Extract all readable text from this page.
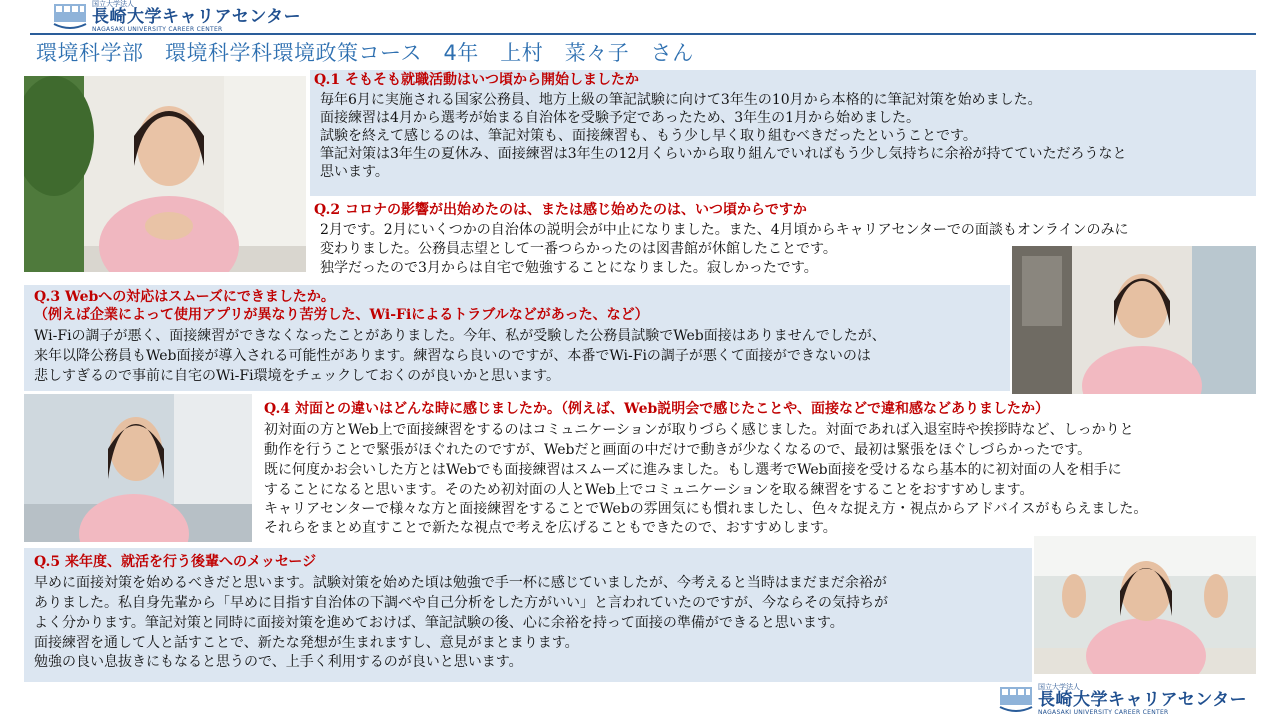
国立大学法人
長崎大学キャリアセンター
NAGASAKI UNIVERSITY CAREER CENTER
環境科学部　環境科学科環境政策コース　4年　上村　菜々子　さん
Q.1 そもそも就職活動はいつ頃から開始しましたか
毎年6月に実施される国家公務員、地方上級の筆記試験に向けて3年生の10月から本格的に筆記対策を始めました。
面接練習は4月から選考が始まる自治体を受験予定であったため、3年生の1月から始めました。
試験を終えて感じるのは、筆記対策も、面接練習も、もう少し早く取り組むべきだったということです。
筆記対策は3年生の夏休み、面接練習は3年生の12月くらいから取り組んでいればもう少し気持ちに余裕が持てていただろうなと
思います。
Q.2 コロナの影響が出始めたのは、または感じ始めたのは、いつ頃からですか
2月です。2月にいくつかの自治体の説明会が中止になりました。また、4月頃からキャリアセンターでの面談もオンラインのみに
変わりました。公務員志望として一番つらかったのは図書館が休館したことです。
独学だったので3月からは自宅で勉強することになりました。寂しかったです。
Q.3 Webへの対応はスムーズにできましたか。
（例えば企業によって使用アプリが異なり苦労した、Wi-Fiによるトラブルなどがあった、など）
Wi-Fiの調子が悪く、面接練習ができなくなったことがありました。今年、私が受験した公務員試験でWeb面接はありませんでしたが、
来年以降公務員もWeb面接が導入される可能性があります。練習なら良いのですが、本番でWi-Fiの調子が悪くて面接ができないのは
悲しすぎるので事前に自宅のWi-Fi環境をチェックしておくのが良いかと思います。
Q.4 対面との違いはどんな時に感じましたか。（例えば、Web説明会で感じたことや、面接などで違和感などありましたか）
初対面の方とWeb上で面接練習をするのはコミュニケーションが取りづらく感じました。対面であれば入退室時や挨拶時など、しっかりと
動作を行うことで緊張がほぐれたのですが、Webだと画面の中だけで動きが少なくなるので、最初は緊張をほぐしづらかったです。
既に何度かお会いした方とはWebでも面接練習はスムーズに進みました。もし選考でWeb面接を受けるなら基本的に初対面の人を相手に
することになると思います。そのため初対面の人とWeb上でコミュニケーションを取る練習をすることをおすすめします。
キャリアセンターで様々な方と面接練習をすることでWebの雰囲気にも慣れましたし、色々な捉え方・視点からアドバイスがもらえました。
それらをまとめ直すことで新たな視点で考えを広げることもできたので、おすすめします。
Q.5 来年度、就活を行う後輩へのメッセージ
早めに面接対策を始めるべきだと思います。試験対策を始めた頃は勉強で手一杯に感じていましたが、今考えると当時はまだまだ余裕が
ありました。私自身先輩から「早めに目指す自治体の下調べや自己分析をした方がいい」と言われていたのですが、今ならその気持ちが
よく分かります。筆記対策と同時に面接対策を進めておけば、筆記試験の後、心に余裕を持って面接の準備ができると思います。
面接練習を通して人と話すことで、新たな発想が生まれますし、意見がまとまります。
勉強の良い息抜きにもなると思うので、上手く利用するのが良いと思います。
国立大学法人
長崎大学キャリアセンター
NAGASAKI UNIVERSITY CAREER CENTER
